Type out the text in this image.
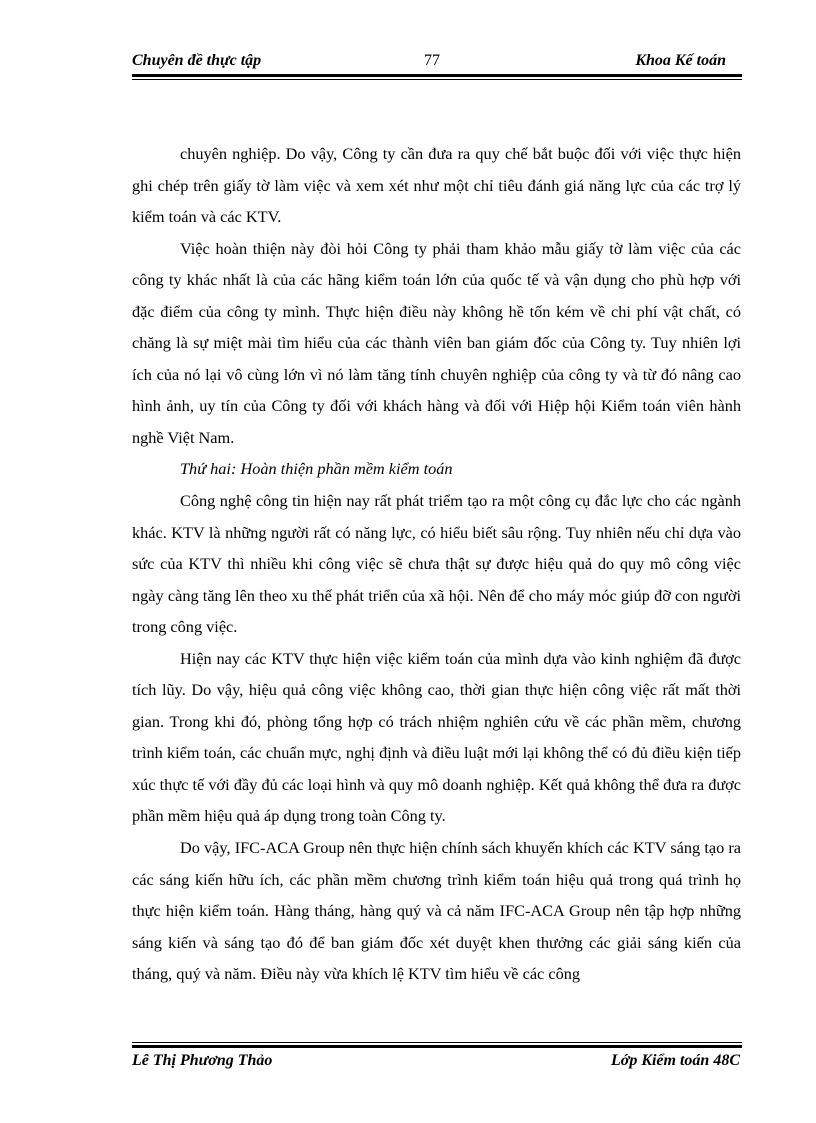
Chuyên đề thực tập	77	Khoa Kế toán

chuyên nghiệp. Do vậy, Công ty cần đưa ra quy chế bắt buộc đối với việc thực hiện ghi chép trên giấy tờ làm việc và xem xét như một chỉ tiêu đánh giá năng lực của các trợ lý kiểm toán và các KTV.

Việc hoàn thiện này đòi hỏi Công ty phải tham khảo mẫu giấy tờ làm việc của các công ty khác nhất là của các hãng kiểm toán lớn của quốc tế và vận dụng cho phù hợp với đặc điểm của công ty mình. Thực hiện điều này không hề tốn kém về chi phí vật chất, có chăng là sự miệt mài tìm hiểu của các thành viên ban giám đốc của Công ty. Tuy nhiên lợi ích của nó lại vô cùng lớn vì nó làm tăng tính chuyên nghiệp của công ty và từ đó nâng cao hình ảnh, uy tín của Công ty đối với khách hàng và đối với Hiệp hội Kiểm toán viên hành nghề Việt Nam.

Thứ hai: Hoàn thiện phần mềm kiểm toán

Công nghệ công tin hiện nay rất phát triểm tạo ra một công cụ đắc lực cho các ngành khác. KTV là những người rất có năng lực, có hiểu biết sâu rộng. Tuy nhiên nếu chỉ dựa vào sức của KTV thì nhiều khi công việc sẽ chưa thật sự được hiệu quả do quy mô công việc ngày càng tăng lên theo xu thế phát triển của xã hội. Nên để cho máy móc giúp đỡ con người trong công việc.

Hiện nay các KTV thực hiện việc kiểm toán của mình dựa vào kinh nghiệm đã được tích lũy. Do vậy, hiệu quả công việc không cao, thời gian thực hiện công việc rất mất thời gian. Trong khi đó, phòng tổng hợp có trách nhiệm nghiên cứu về các phần mềm, chương trình kiểm toán, các chuẩn mực, nghị định và điều luật mới lại không thể có đủ điều kiện tiếp xúc thực tế với đầy đủ các loại hình và quy mô doanh nghiệp. Kết quả không thể đưa ra được phần mềm hiệu quả áp dụng trong toàn Công ty.

Do vậy, IFC-ACA Group nên thực hiện chính sách khuyến khích các KTV sáng tạo ra các sáng kiến hữu ích, các phần mềm chương trình kiểm toán hiệu quả trong quá trình họ thực hiện kiểm toán. Hàng tháng, hàng quý và cả năm IFC-ACA Group nên tập hợp những sáng kiến và sáng tạo đó để ban giám đốc xét duyệt khen thưởng các giải sáng kiến của tháng, quý và năm. Điều này vừa khích lệ KTV tìm hiểu về các công

Lê Thị Phương Thảo	Lớp Kiểm toán 48C
